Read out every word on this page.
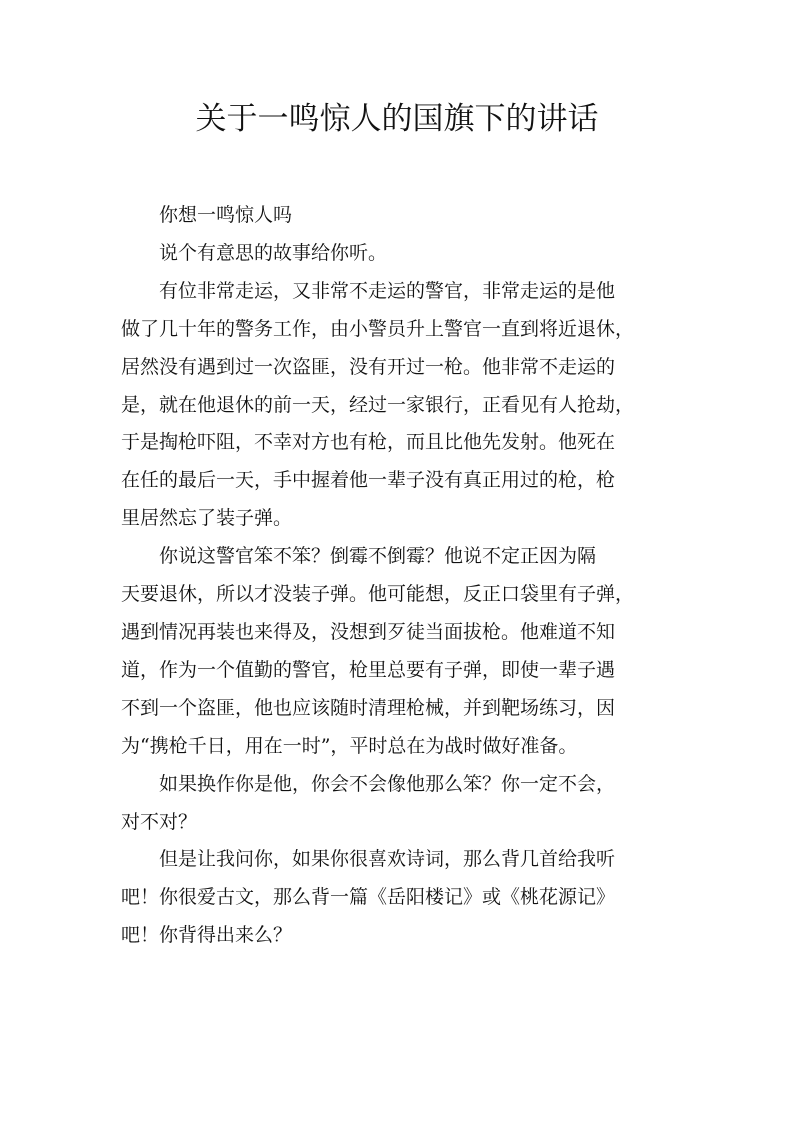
关于一鸣惊人的国旗下的讲话

你想一鸣惊人吗

说个有意思的故事给你听。

有位非常走运，又非常不走运的警官，非常走运的是他
做了几十年的警务工作，由小警员升上警官一直到将近退休，
居然没有遇到过一次盗匪，没有开过一枪。他非常不走运的
是，就在他退休的前一天，经过一家银行，正看见有人抢劫，
于是掏枪吓阻，不幸对方也有枪，而且比他先发射。他死在
在任的最后一天，手中握着他一辈子没有真正用过的枪，枪
里居然忘了装子弹。

你说这警官笨不笨？倒霉不倒霉？他说不定正因为隔
天要退休，所以才没装子弹。他可能想，反正口袋里有子弹，
遇到情况再装也来得及，没想到歹徒当面拔枪。他难道不知
道，作为一个值勤的警官，枪里总要有子弹，即使一辈子遇
不到一个盗匪，他也应该随时清理枪械，并到靶场练习，因
为“携枪千日，用在一时”，平时总在为战时做好准备。

如果换作你是他，你会不会像他那么笨？你一定不会，
对不对？

但是让我问你，如果你很喜欢诗词，那么背几首给我听
吧！你很爱古文，那么背一篇《岳阳楼记》或《桃花源记》
吧！你背得出来么？
